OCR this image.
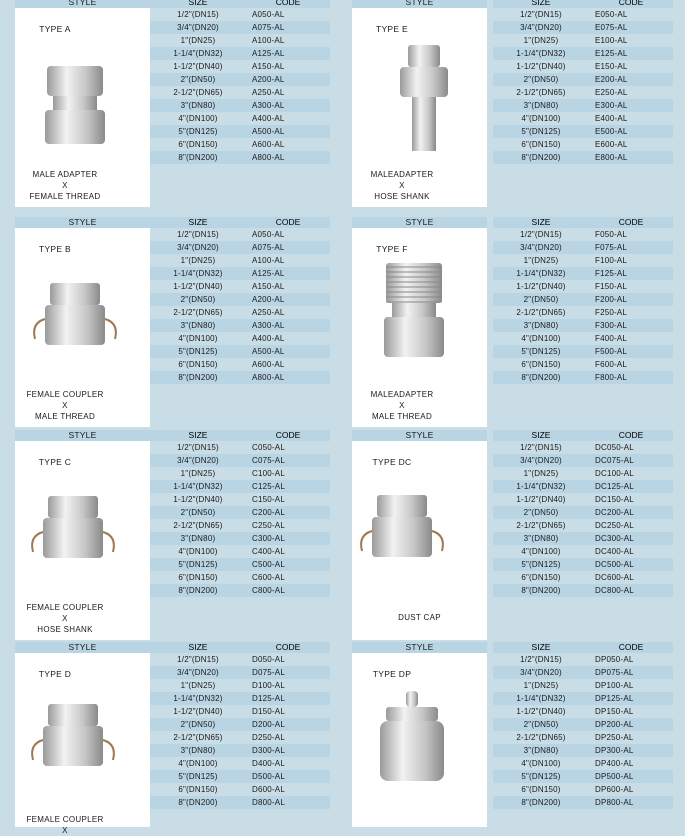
STYLE
TYPE A
MALE ADAPTER
X
FEMALE THREAD
SIZE	CODE
1/2"(DN15)	A050-AL
3/4"(DN20)	A075-AL
1"(DN25)	A100-AL
1-1/4"(DN32)	A125-AL
1-1/2"(DN40)	A150-AL
2"(DN50)	A200-AL
2-1/2"(DN65)	A250-AL
3"(DN80)	A300-AL
4"(DN100)	A400-AL
5"(DN125)	A500-AL
6"(DN150)	A600-AL
8"(DN200)	A800-AL
STYLE
TYPE E
MALEADAPTER
X
HOSE SHANK
SIZE	CODE
1/2"(DN15)	E050-AL
3/4"(DN20)	E075-AL
1"(DN25)	E100-AL
1-1/4"(DN32)	E125-AL
1-1/2"(DN40)	E150-AL
2"(DN50)	E200-AL
2-1/2"(DN65)	E250-AL
3"(DN80)	E300-AL
4"(DN100)	E400-AL
5"(DN125)	E500-AL
6"(DN150)	E600-AL
8"(DN200)	E800-AL
STYLE
TYPE B
FEMALE COUPLER
X
MALE THREAD
SIZE	CODE
1/2"(DN15)	A050-AL
3/4"(DN20)	A075-AL
1"(DN25)	A100-AL
1-1/4"(DN32)	A125-AL
1-1/2"(DN40)	A150-AL
2"(DN50)	A200-AL
2-1/2"(DN65)	A250-AL
3"(DN80)	A300-AL
4"(DN100)	A400-AL
5"(DN125)	A500-AL
6"(DN150)	A600-AL
8"(DN200)	A800-AL
STYLE
TYPE F
MALEADAPTER
X
MALE THREAD
SIZE	CODE
1/2"(DN15)	F050-AL
3/4"(DN20)	F075-AL
1"(DN25)	F100-AL
1-1/4"(DN32)	F125-AL
1-1/2"(DN40)	F150-AL
2"(DN50)	F200-AL
2-1/2"(DN65)	F250-AL
3"(DN80)	F300-AL
4"(DN100)	F400-AL
5"(DN125)	F500-AL
6"(DN150)	F600-AL
8"(DN200)	F800-AL
STYLE
TYPE C
FEMALE COUPLER
X
HOSE SHANK
SIZE	CODE
1/2"(DN15)	C050-AL
3/4"(DN20)	C075-AL
1"(DN25)	C100-AL
1-1/4"(DN32)	C125-AL
1-1/2"(DN40)	C150-AL
2"(DN50)	C200-AL
2-1/2"(DN65)	C250-AL
3"(DN80)	C300-AL
4"(DN100)	C400-AL
5"(DN125)	C500-AL
6"(DN150)	C600-AL
8"(DN200)	C800-AL
STYLE
TYPE DC
DUST CAP
SIZE	CODE
1/2"(DN15)	DC050-AL
3/4"(DN20)	DC075-AL
1"(DN25)	DC100-AL
1-1/4"(DN32)	DC125-AL
1-1/2"(DN40)	DC150-AL
2"(DN50)	DC200-AL
2-1/2"(DN65)	DC250-AL
3"(DN80)	DC300-AL
4"(DN100)	DC400-AL
5"(DN125)	DC500-AL
6"(DN150)	DC600-AL
8"(DN200)	DC800-AL
STYLE
TYPE D
FEMALE COUPLER
X
SIZE	CODE
1/2"(DN15)	D050-AL
3/4"(DN20)	D075-AL
1"(DN25)	D100-AL
1-1/4"(DN32)	D125-AL
1-1/2"(DN40)	D150-AL
2"(DN50)	D200-AL
2-1/2"(DN65)	D250-AL
3"(DN80)	D300-AL
4"(DN100)	D400-AL
5"(DN125)	D500-AL
6"(DN150)	D600-AL
8"(DN200)	D800-AL
STYLE
TYPE DP
SIZE	CODE
1/2"(DN15)	DP050-AL
3/4"(DN20)	DP075-AL
1"(DN25)	DP100-AL
1-1/4"(DN32)	DP125-AL
1-1/2"(DN40)	DP150-AL
2"(DN50)	DP200-AL
2-1/2"(DN65)	DP250-AL
3"(DN80)	DP300-AL
4"(DN100)	DP400-AL
5"(DN125)	DP500-AL
6"(DN150)	DP600-AL
8"(DN200)	DP800-AL
